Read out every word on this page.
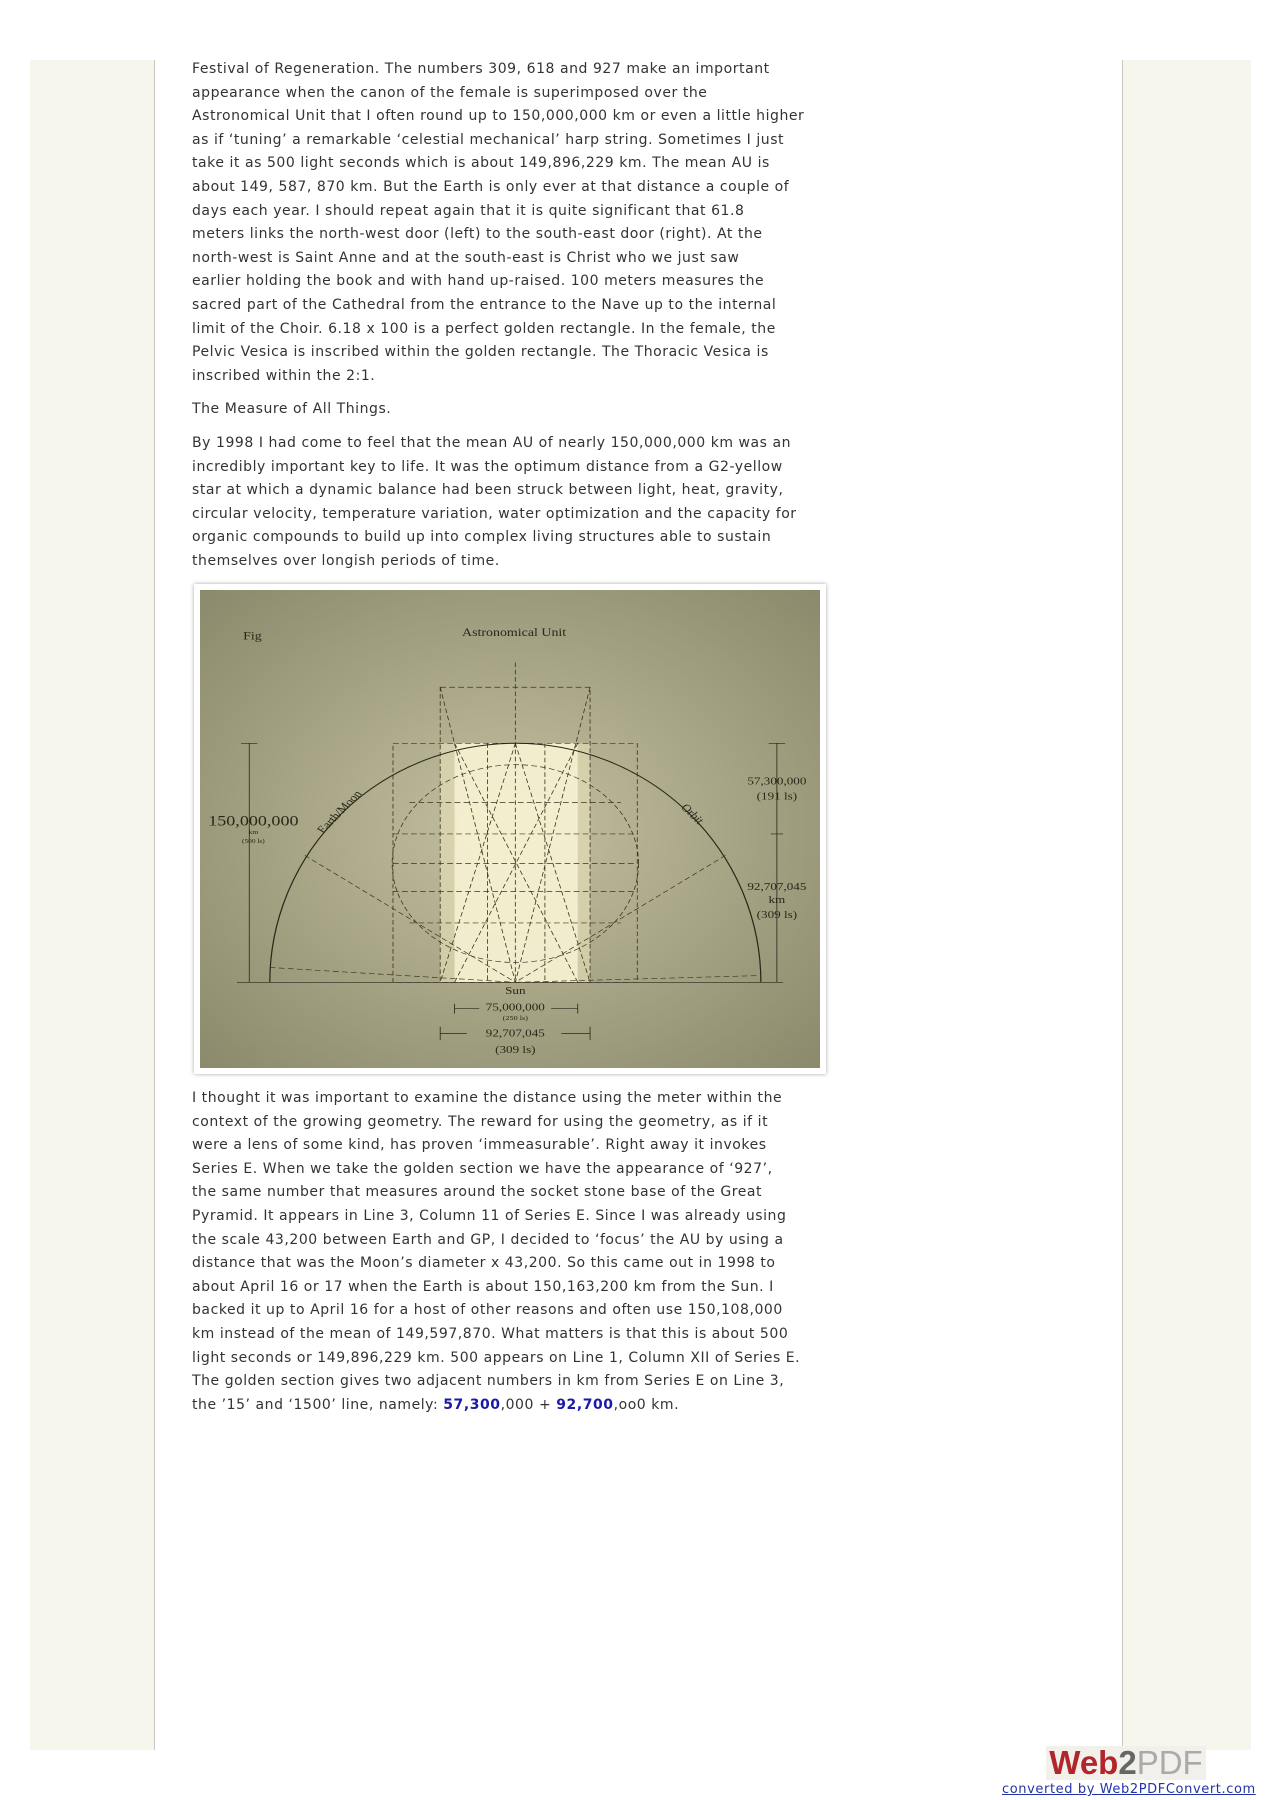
Festival of Regeneration. The numbers 309, 618 and 927 make an important
appearance when the canon of the female is superimposed over the
Astronomical Unit that I often round up to 150,000,000 km or even a little higher
as if ‘tuning’ a remarkable ‘celestial mechanical’ harp string. Sometimes I just
take it as 500 light seconds which is about 149,896,229 km. The mean AU is
about 149, 587, 870 km. But the Earth is only ever at that distance a couple of
days each year. I should repeat again that it is quite significant that 61.8
meters links the north-west door (left) to the south-east door (right). At the
north-west is Saint Anne and at the south-east is Christ who we just saw
earlier holding the book and with hand up-raised. 100 meters measures the
sacred part of the Cathedral from the entrance to the Nave up to the internal
limit of the Choir. 6.18 x 100 is a perfect golden rectangle. In the female, the
Pelvic Vesica is inscribed within the golden rectangle. The Thoracic Vesica is
inscribed within the 2:1.
The Measure of All Things.
By 1998 I had come to feel that the mean AU of nearly 150,000,000 km was an
incredibly important key to life. It was the optimum distance from a G2-yellow
star at which a dynamic balance had been struck between light, heat, gravity,
circular velocity, temperature variation, water optimization and the capacity for
organic compounds to build up into complex living structures able to sustain
themselves over longish periods of time.
Fig	Astronomical Unit
150,000,000
km
(500 ls)
Earth/Moon	Orbit
57,300,000
(191 ls)
92,707,045
km
(309 ls)
Sun
75,000,000
(250 ls)
92,707,045
(309 ls)
I thought it was important to examine the distance using the meter within the
context of the growing geometry. The reward for using the geometry, as if it
were a lens of some kind, has proven ‘immeasurable’. Right away it invokes
Series E. When we take the golden section we have the appearance of ‘927’,
the same number that measures around the socket stone base of the Great
Pyramid. It appears in Line 3, Column 11 of Series E. Since I was already using
the scale 43,200 between Earth and GP, I decided to ‘focus’ the AU by using a
distance that was the Moon’s diameter x 43,200. So this came out in 1998 to
about April 16 or 17 when the Earth is about 150,163,200 km from the Sun. I
backed it up to April 16 for a host of other reasons and often use 150,108,000
km instead of the mean of 149,597,870. What matters is that this is about 500
light seconds or 149,896,229 km. 500 appears on Line 1, Column XII of Series E.
The golden section gives two adjacent numbers in km from Series E on Line 3,
the ’15’ and ‘1500’ line, namely: 57,300,000 + 92,700,oo0 km.
Web2PDF
converted by Web2PDFConvert.com
